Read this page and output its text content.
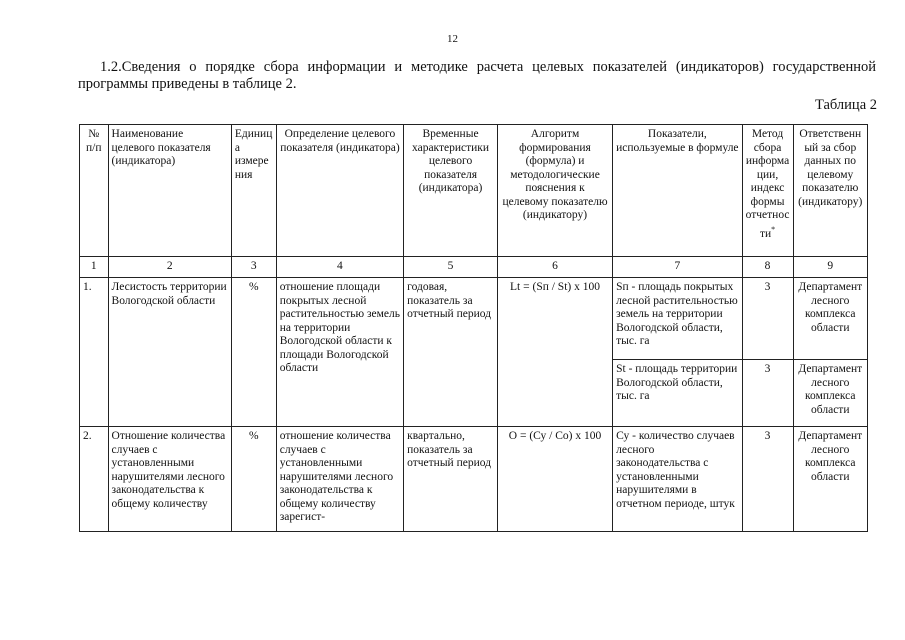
12
1.2.Сведения о порядке сбора информации и методике расчета целевых показателей (индикаторов) государственной программы приведены в таблице 2.
Таблица 2
№ п/п	Наименование целевого показателя (индикатора)	Единица измерения	Определение целевого показателя (индикатора)	Временные характеристики целевого показателя (индикатора)	Алгоритм формирования (формула) и методологические пояснения к целевому показателю (индикатору)	Показатели, используемые в формуле	Метод сбора информации, индекс формы отчетности*	Ответственный за сбор данных по целевому показателю (индикатору)
1	2	3	4	5	6	7	8	9
1.	Лесистость территории Вологодской области	%	отношение площади покрытых лесной растительностью земель на территории Вологодской области к площади Вологодской области	годовая, показатель за отчетный период	Lt = (Sп / St) х 100	Sп - площадь покрытых лесной растительностью земель на территории Вологодской области, тыс. га	3	Департамент лесного комплекса области
						St - площадь территории Вологодской области, тыс. га	3	Департамент лесного комплекса области
2.	Отношение количества случаев с установленными нарушителями лесного законодательства к общему количеству	%	отношение количества случаев с установленными нарушителями лесного законодательства к общему количеству зарегист-	квартально, показатель за отчетный период	О = (Су / Со) х 100	Су - количество случаев лесного законодательства с установленными нарушителями в отчетном периоде, штук	3	Департамент лесного комплекса области
